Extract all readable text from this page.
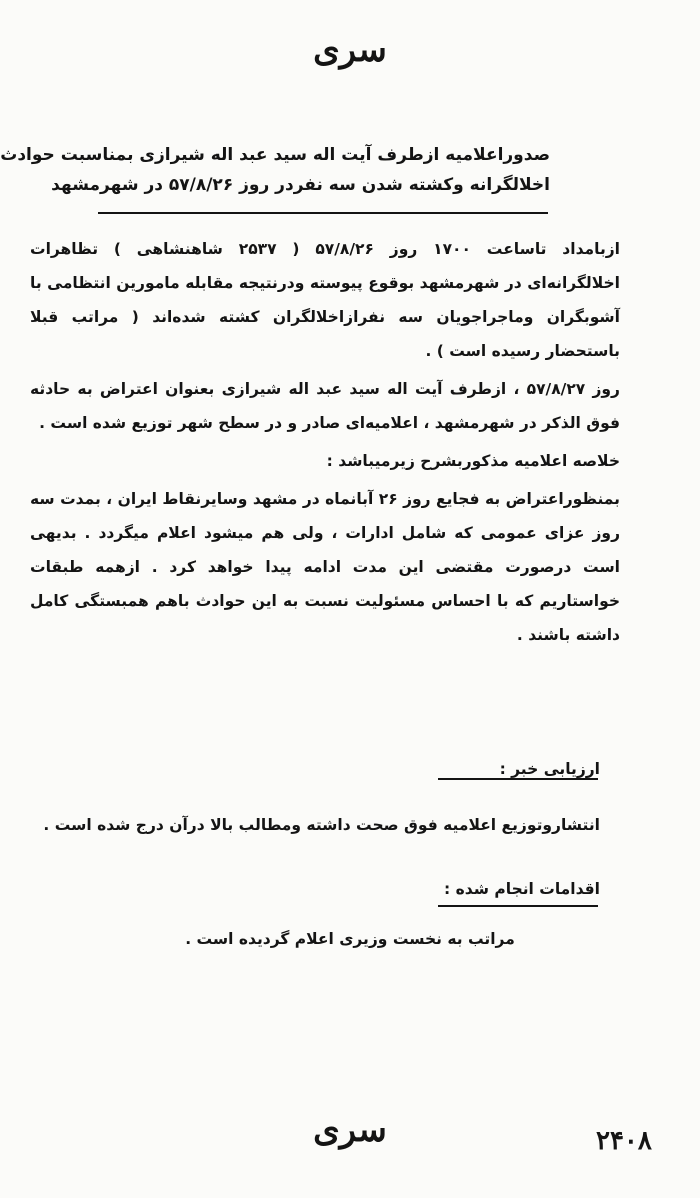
سری
صدوراعلامیه ازطرف آیت اله سید عبد اله شیرازی بمناسبت حوادث
اخلالگرانه وکشته شدن سه نفردر روز ۵۷/۸/۲۶ در شهرمشهد

ازبامداد تاساعت ۱۷۰۰ روز ۵۷/۸/۲۶ ( ۲۵۳۷ شاهنشاهی ) تظاهرات اخلالگرانه‌ای در شهرمشهد بوقوع پیوسته ودرنتیجه مقابله مامورین انتظامی با آشوبگران وماجراجویان سه نفرازاخلالگران کشته شده‌اند ( مراتب قبلا باستحضار رسیده است ) .

روز ۵۷/۸/۲۷ ، ازطرف آیت اله سید عبد اله شیرازی بعنوان اعتراض به حادثه فوق الذکر در شهرمشهد ، اعلامیه‌ای صادر و در سطح شهر توزیع شده است .

خلاصه اعلامیه مذکوربشرح زیرمیباشد :

بمنظوراعتراض به فجایع روز ۲۶ آبانماه در مشهد وسایرنقاط ایران ، بمدت سه روز عزای عمومی که شامل ادارات ، ولی هم میشود اعلام میگردد . بدیهی است درصورت مقتضی این مدت ادامه پیدا خواهد کرد . ازهمه طبقات خواستاریم که با احساس مسئولیت نسبت به این حوادث باهم همبستگی کامل داشته باشند .

ارزیابی خبر :
انتشاروتوزیع اعلامیه فوق صحت داشته ومطالب بالا درآن درج شده است .
اقدامات انجام شده :
مراتب به نخست وزیری اعلام گردیده است .
سری	۲۴۰۸
